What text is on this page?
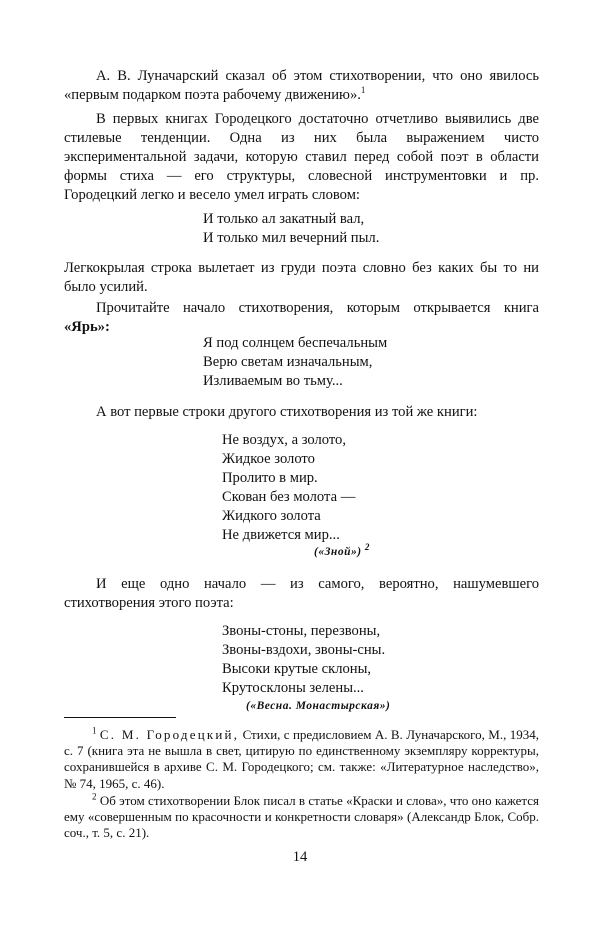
А. В. Луначарский сказал об этом стихотворении, что оно явилось «первым подарком поэта рабочему движению».$^1$

В первых книгах Городецкого достаточно отчетливо выявились две стилевые тенденции. Одна из них была выражением чисто экспериментальной задачи, которую ставил перед собой поэт в области формы стиха — его структуры, словесной инструментовки и пр. Городецкий легко и весело умел играть словом:

И только ал закатный вал,
И только мил вечерний пыл.

Легкокрылая строка вылетает из груди поэта словно без каких бы то ни было усилий.

Прочитайте начало стихотворения, которым открывается книга «Ярь»:

Я под солнцем беспечальным
Верю светам изначальным,
Изливаемым во тьму...

А вот первые строки другого стихотворения из той же книги:

Не воздух, а золото,
Жидкое золото
Пролито в мир.
Скован без молота —
Жидкого золота
Не движется мир...
(«Зной») $^2$

И еще одно начало — из самого, вероятно, нашумевшего стихотворения этого поэта:

Звоны-стоны, перезвоны,
Звоны-вздохи, звоны-сны.
Высоки крутые склоны,
Крутосклоны зелены...
(«Весна. Монастырская»)

$^1$ С. М. Городецкий, Стихи, с предисловием А. В. Луначарского, М., 1934, с. 7 (книга эта не вышла в свет, цитирую по единственному экземпляру корректуры, сохранившейся в архиве С. М. Городецкого; см. также: «Литературное наследство», № 74, 1965, с. 46).

$^2$ Об этом стихотворении Блок писал в статье «Краски и слова», что оно кажется ему «совершенным по красочности и конкретности словаря» (Александр Блок, Собр. соч., т. 5, с. 21).

14
